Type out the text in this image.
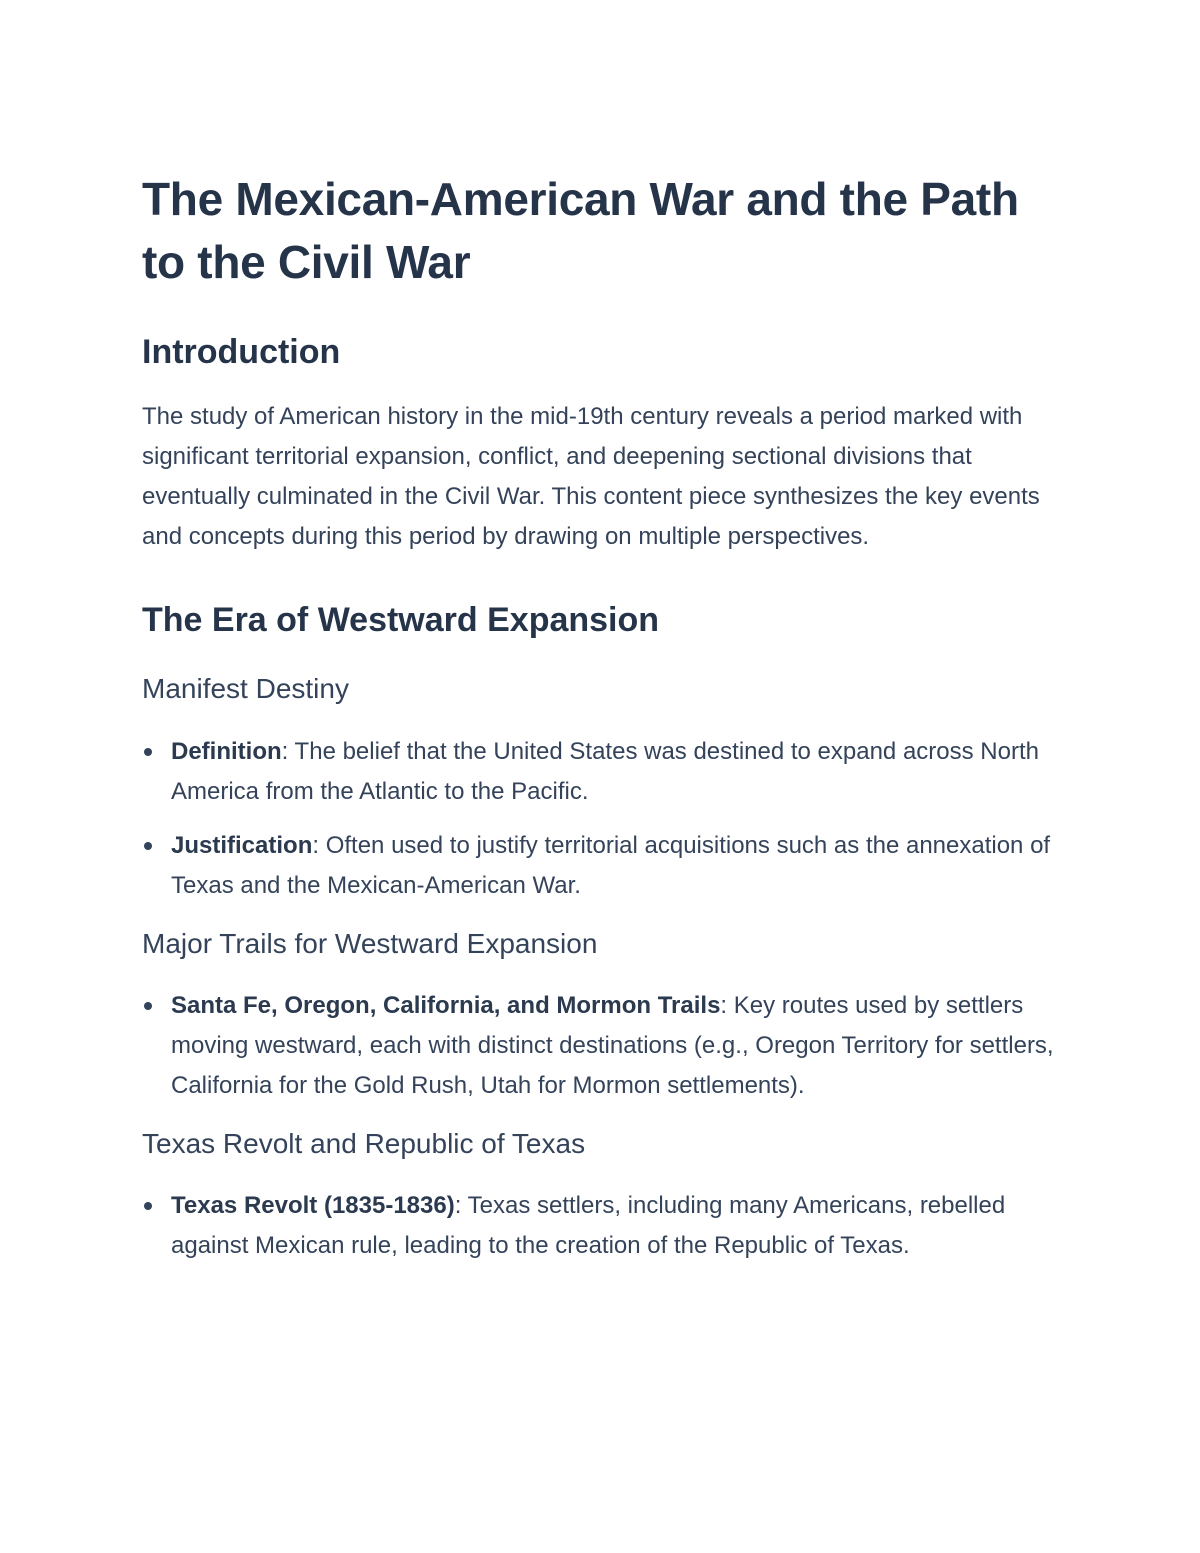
The Mexican-American War and the Path to the Civil War
Introduction

The study of American history in the mid-19th century reveals a period marked with significant territorial expansion, conflict, and deepening sectional divisions that eventually culminated in the Civil War. This content piece synthesizes the key events and concepts during this period by drawing on multiple perspectives.

The Era of Westward Expansion
Manifest Destiny
Definition: The belief that the United States was destined to expand across North America from the Atlantic to the Pacific.
Justification: Often used to justify territorial acquisitions such as the annexation of Texas and the Mexican-American War.
Major Trails for Westward Expansion
Santa Fe, Oregon, California, and Mormon Trails: Key routes used by settlers moving westward, each with distinct destinations (e.g., Oregon Territory for settlers, California for the Gold Rush, Utah for Mormon settlements).
Texas Revolt and Republic of Texas
Texas Revolt (1835-1836): Texas settlers, including many Americans, rebelled against Mexican rule, leading to the creation of the Republic of Texas.
